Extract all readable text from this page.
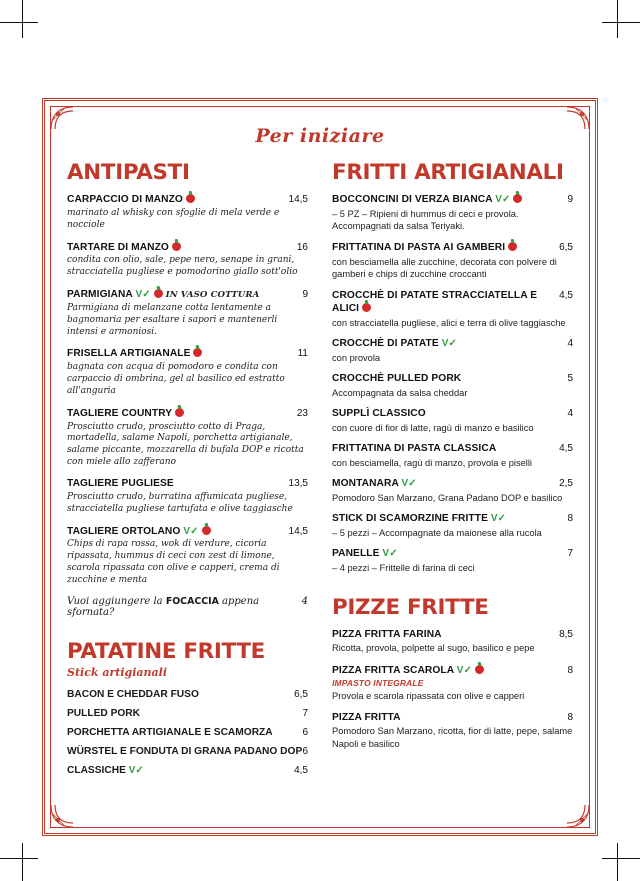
Per iniziare
ANTIPASTI
CARPACCIO DI MANZO	14,5
marinato al whisky con sfoglie di mela verde e nocciole
TARTARE DI MANZO	16
condita con olio, sale, pepe nero, senape in grani, stracciatella pugliese e pomodorino giallo sott'olio
PARMIGIANA V✓ IN VASO COTTURA	9
Parmigiana di melanzane cotta lentamente a bagnomaria per esaltare i sapori e mantenerli intensi e armoniosi.
FRISELLA ARTIGIANALE	11
bagnata con acqua di pomodoro e condita con carpaccio di ombrina, gel al basilico ed estratto all'anguria
TAGLIERE COUNTRY	23
Prosciutto crudo, prosciutto cotto di Praga, mortadella, salame Napoli, porchetta artigianale, salame piccante, mozzarella di bufala DOP e ricotta con miele allo zafferano
TAGLIERE PUGLIESE	13,5
Prosciutto crudo, burratina affumicata pugliese, stracciatella pugliese tartufata e olive taggiasche
TAGLIERE ORTOLANO V✓	14,5
Chips di rapa rossa, wok di verdure, cicoria ripassata, hummus di ceci con zest di limone, scarola ripassata con olive e capperi, crema di zucchine e menta
Vuoi aggiungere la FOCACCIA appena sfornata?
4
PATATINE FRITTE
Stick artigianali
BACON E CHEDDAR FUSO	6,5
PULLED PORK	7
PORCHETTA ARTIGIANALE E SCAMORZA	6
WÜRSTEL E FONDUTA DI GRANA PADANO DOP 6
CLASSICHE V✓	4,5
FRITTI ARTIGIANALI
BOCCONCINI DI VERZA BIANCA V✓	9
– 5 PZ – Ripieni di hummus di ceci e provola. Accompagnati da salsa Teriyaki.
FRITTATINA DI PASTA AI GAMBERI	6,5
con besciamella alle zucchine, decorata con polvere di gamberi e chips di zucchine croccanti
CROCCHÈ DI PATATE STRACCIATELLA E ALICI
4,5
con stracciatella pugliese, alici e terra di olive taggiasche
CROCCHÈ DI PATATE V✓	4
con provola
CROCCHÈ PULLED PORK	5
Accompagnata da salsa cheddar
SUPPLÌ CLASSICO	4
con cuore di fior di latte, ragù di manzo e basilico
FRITTATINA DI PASTA CLASSICA	4,5
con besciamella, ragù di manzo, provola e piselli
MONTANARA V✓	2,5
Pomodoro San Marzano, Grana Padano DOP e basilico
STICK DI SCAMORZINE FRITTE V✓	8
– 5 pezzi – Accompagnate da maionese alla rucola
PANELLE V✓	7
– 4 pezzi – Frittelle di farina di ceci
PIZZE FRITTE
PIZZA FRITTA FARINA	8,5
Ricotta, provola, polpette al sugo, basilico e pepe
PIZZA FRITTA SCAROLA V✓	8
IMPASTO INTEGRALE
Provola e scarola ripassata con olive e capperi
PIZZA FRITTA	8
Pomodoro San Marzano, ricotta, fior di latte, pepe, salame Napoli e basilico
